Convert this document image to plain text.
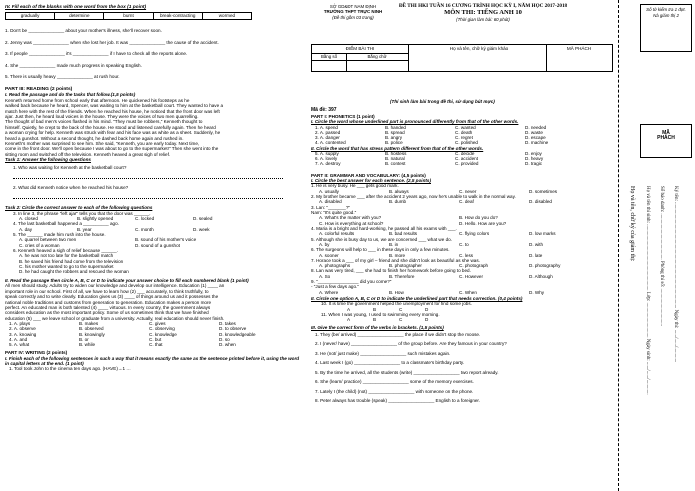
IV. Fill each of the blanks with one word from the box (1 point)
gradually	determine	burnt	break-contracting	wormed
1. Don't be ______________ about your mother's illness, she'll recover soon.
2. Jenny was ______________ when she lost her job. It was ______________ the cause of the accident.
3. If people ______________ it's ______________ if I have to check all the reports alone.
4. She ______________ made much progress in speaking English.
5. There is usually heavy ______________ at rush hour.
PART III: READING (2 points)
I. Read the passage and do the tasks that follow.(1,5 points)
Kenneth returned home from school early that afternoon. He quickened his footsteps as he
walked back because he heard, Spencer, was waiting to him at the basketball court. They wanted to have a
match here with the rest of the friends. When he reached his house, he noticed that the front door was left
ajar. Just then, he heard loud voices in the house. They were the voices of two men quarrelling.
The thought of bad men's voices flashed in his mind. "They must be robbers," Kenneth thought to
himself. Quietly, he crept to the back of the house. He stood and listened carefully again. Then he heard
a woman crying for help. Kenneth was struck with fear and his face was as white as a sheet. Suddenly, he
heard a gunshot. Without a second thought, he dashed back home again and rushed in.
Kenneth's mother was surprised to see him. She said, "Kenneth, you are early today. Next time,
come in the front door. We'll open because I was about to go to the supermarket!" Then she went into the
sitting room and switched off the television. Kenneth heaved a great sigh of relief.
Task 1: Answer the following questions
1. Who was waiting for Kenneth at the basketball court?
2. What did Kenneth notice when he reached his house?
Task 2: Circle the correct answer to each of the following questions
3. In line 3, the phrase "left ajar" tells you that the door was ______.
A. closed	B. slightly opened	C. locked	D. sealed
4. The last basketball happened a __________ ago.
A. day	B. year	C. month	D. week
5. The ______ made him rush into the house.
A. quarrel between two men	B. sound of his mother's voice
C. cries of a woman	D. sound of a gunshot
6. Kenneth heaved a sigh of relief because ______.
A. he was not too late for the basketball match
B. he saved his friend had come from the television
C. his mother wanted to go to the supermarket
D. he had caught the robbers and rescued the woman
II. Read the passage then circle A, B, C or D to indicate your answer choice to fill each numbered blank (1 point)
All men should study. Adults try to widen our knowledge and develop our intelligence. Education (1) ____ an
important role in our school. First of all, we have to learn how (2) ___ accurately, to think truthfully, to
speak correctly and to write clearly. Education gives us (3) ____ of things around us and it possesses the
national noble traditions and customs from generation to generation. Education makes a person more
perfect. An educated man is both talented (4) ____ virtuous. In every country, the government always
considers education as the most important policy. Some of us sometimes think that we have finished
education (5) ___ we leave school or graduate from a university. Actually, real education should never finish.
1. A. plays	B. makes	C. gives	D. takes
2. A. observe	B. observed	C. observing	D. to observe
3. A. knowing	B. knowingly	C. knowledge	D. knowledgeable
4. A. and	B. or	C. but	D. so
5. A. what	B. while	C. that	D. when
PART IV: WRITING (2 points)
I. Finish each of the following sentences in such a way that it means exactly the same as the sentence printed before it, using the word in capital letters at the end. (1 point)
1. Tool took John to the cinema ten days ago. (HAVE)→1 …
SỞ GD&ĐT NAM ĐỊNH
TRƯỜNG THPT TRỰC NINH
(Đề thi gồm 03 trang)
ĐỀ THI HKI TUẦN 16 CƯƠNG TRÌNH HỌC KỲ I, NĂM HỌC 2017-2018
MÔN THI: TIẾNG ANH 10
(Thời gian làm bài: 60 phút)
ĐIỂM BÀI THI
Bằng số	Bằng chữ
Họ và tên, chữ ký giám khảo	MÃ PHÁCH
(Thí sinh làm bài trong đề thi, sử dụng bút mực)
Mã đề: 397
PART I: PHONETICS (1 point)
I. Circle the word whose underlined part is pronounced differently from that of the other words.
1. A. spend	B. handed	C. wanted	D. needed
2. A. passed	B. spread	C. death	D. waste
3. A. danger	B. angry	C. regret	D. escape
4. A. contented	B. police	C. polished	D. machine
II. Circle the word that has stress pattern different from that of the other words.
5. A. supply	B. hostess	C. decide	D. enjoy
6. A. lovely	B. natural	C. accident	D. heavy
7. A. destroy	B. contest	C. provided	D. tragic
PART II: GRAMMAR AND VOCABULARY: (4,5 points)
I. Circle the best answer for each sentence. (2,5 points)
1. He is very busy. He ___ gets good mark.
A. usually	B. always	C. never	D. sometimes
2. My brother became ___ after the accident 2 years ago, now he's unable to walk in the normal way.
A. disabled	B. dumb	C. deaf	D. disabled
3. Lan: "_______?"
Nam: "It's quite good."
A. What's the matter with you?	B. How do you do?
C. How is everything at school?	D. Hello. How are you?
4. Maria is a bright and hard-working, he passed all his exams with ___.
A. colorful results	B. bad results	C. flying colors	D. low marks
5. Although she is busy day to us, we are concerned ___ what we do.
A. by	B. in	C. to	D. with
6. The surgeons will help to ___ in these days in only a few minutes.
A. sooner	B. more	C. less	D. late
7. Horace took a ___ of my girl – friend and she didn't look as beautiful as she was.
A. photographs	B. photographer	C. photograph	D. photography
8. Lan was very tired, ___ she had to finish her homework before going to bed.
A. So	B. Therefore	C. However	D. Although
9. "________________ did you come?"
- "Just a few days ago."
A. Where	B. How	C. When	D. Why
II. Circle one option A, B, C or D to indicate the underlined part that needs correction. (0,4 points)
10. It is time the government helped the unemployment for find some jobs.
A	B	C	D
11. When I was young, I used to swimming every morning.
A	B	C	D
III. Give the correct form of the verbs in brackets. (1,5 points)
1. They (be/ arrived) __________________ the place if we didn't stop the moose.
2. I (never/ have) __________________ of the group before. Are they famous in your country?
3. He (not/ just make) __________________ such mistakes again.
4. Last week I (go) __________________ to a classmate's birthday party.
5. By the time he arrived, all the students (write) __________________ two report already.
6. She (learn/ practice) __________________ some of the memory exercises.
7. Lately I (the child) (not) __________________ with someone on the phone.
8. Peter always has trouble (speak) __________________ English to a foreigner.
Số tờ kiểm tra 1 đợt. Nà giám thị 2
MÃ
PHÁCH
Họ và tên, chữ ký của giám thị: Họ và tên thí sinh: ..................................................... Lớp: ............................ Ngày sinh: ....../....../............ Số báo danh: ..................................... Phòng thi số: .............................. Ký tên: ..................................................................................... Ngày thi: ....../....../............
